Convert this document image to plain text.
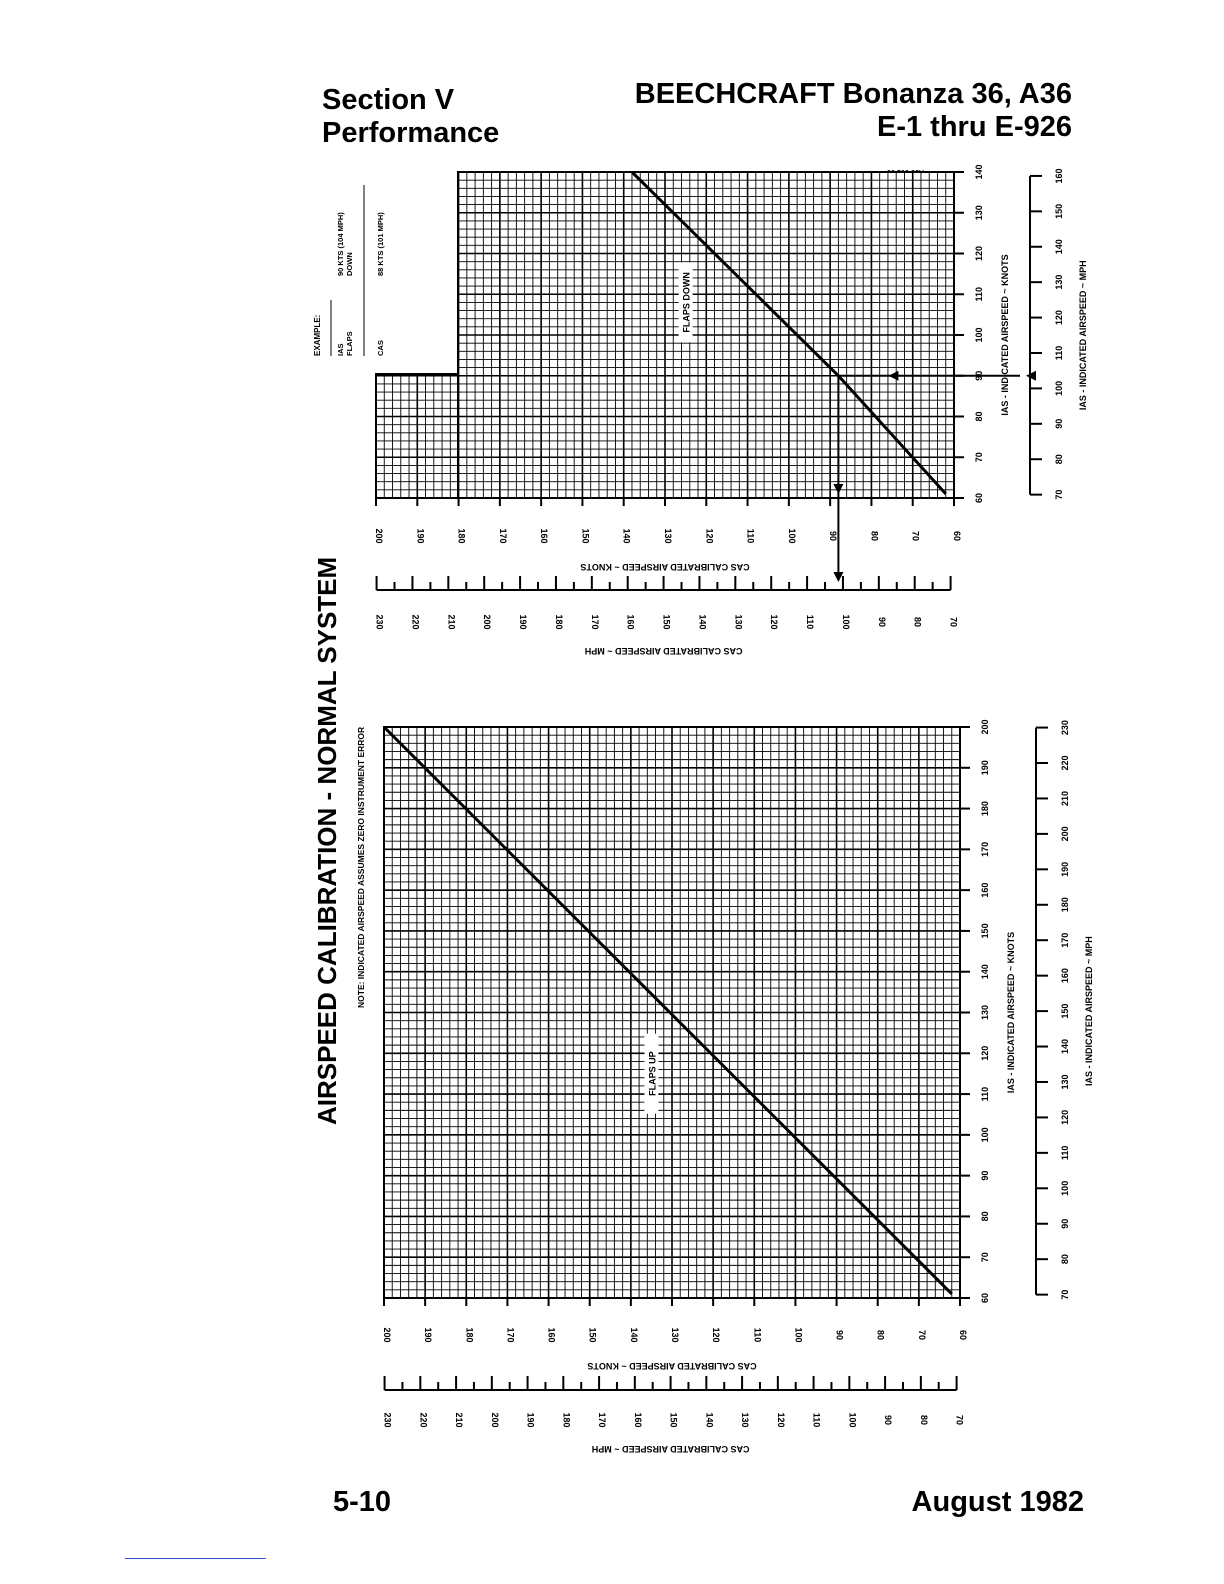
Section V
Performance
BEECHCRAFT Bonanza 36, A36
E-1 thru E-926
AIRSPEED CALIBRATION - NORMAL SYSTEM NOTE: INDICATED AIRSPEED ASSUMES ZERO INSTRUMENT ERROR
EXAMPLE: IAS
90 KTS (104 MPH)
FLAPS
DOWN
CAS
88 KTS (101 MPH)
FLAPS DOWN
60
70
80
90
100
110
120
130
140
IAS - INDICATED AIRSPEED ~ KNOTS
70
80
90
100
110
120
130
140
150
160
IAS - INDICATED AIRSPEED ~ MPH
60
70
80
90
100
110
120
130
140
150
160
170
180
190
200
CAS CALIBRATED AIRSPEED ~ KNOTS
70
80
90
100
110
120
130
140
150
160
170
180
190
200
210
220
230
CAS CALIBRATED AIRSPEED ~ MPH
FLAPS UP
60
70
80
90
100
110
120
130
140
150
160
170
180
190
200
IAS - INDICATED AIRSPEED ~ KNOTS
70
80
90
100
110
120
130
140
150
160
170
180
190
200
210
220
230
IAS - INDICATED AIRSPEED ~ MPH
60
70
80
90
100
110
120
130
140
150
160
170
180
190
200
CAS CALIBRATED AIRSPEED ~ KNOTS
70
80
90
100
110
120
130
140
150
160
170
180
190
200
210
220
230
CAS CALIBRATED AIRSPEED ~ MPH
5-10	August 1982
